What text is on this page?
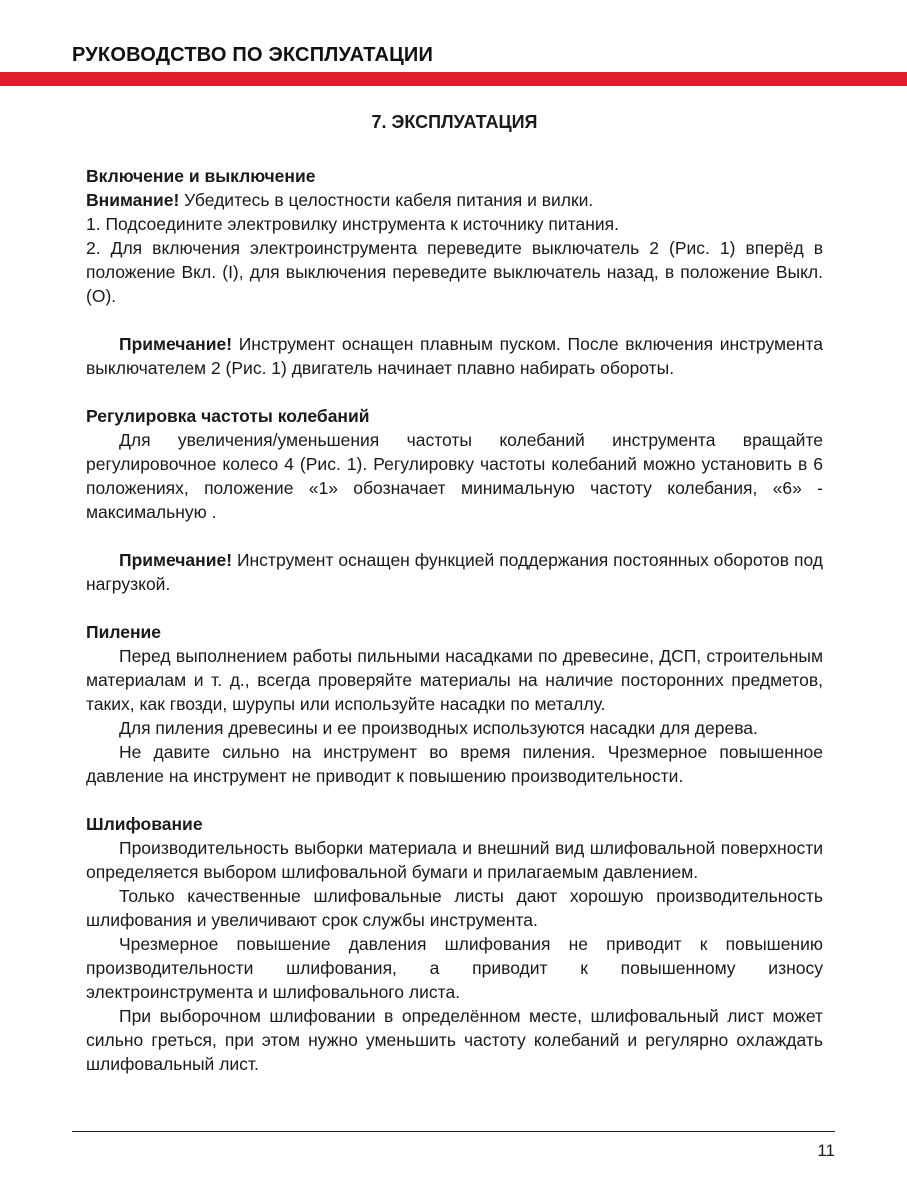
РУКОВОДСТВО ПО ЭКСПЛУАТАЦИИ
7. ЭКСПЛУАТАЦИЯ

Включение и выключение

Внимание! Убедитесь в целостности кабеля питания и вилки.

1. Подсоедините электровилку инструмента к источнику питания.

2. Для включения электроинструмента переведите выключатель 2 (Рис. 1) вперёд в положение Вкл. (I), для выключения переведите выключатель назад, в положение Выкл. (O).

Примечание! Инструмент оснащен плавным пуском. После включения инструмента выключателем 2 (Рис. 1) двигатель начинает плавно набирать обороты.

Регулировка частоты колебаний

Для увеличения/уменьшения частоты колебаний инструмента вращайте регулировочное колесо 4 (Рис. 1). Регулировку частоты колебаний можно установить в 6 положениях, положение «1» обозначает минимальную частоту колебания, «6» - максимальную .

Примечание! Инструмент оснащен функцией поддержания постоянных оборотов под нагрузкой.

Пиление

Перед выполнением работы пильными насадками по древесине, ДСП, строительным материалам и т. д., всегда проверяйте материалы на наличие посторонних предметов, таких, как гвозди, шурупы или используйте насадки по металлу.

Для пиления древесины и ее производных используются насадки для дерева.

Не давите сильно на инструмент во время пиления. Чрезмерное повышенное давление на инструмент не приводит к повышению производительности.

Шлифование

Производительность выборки материала и внешний вид шлифовальной поверхности определяется выбором шлифовальной бумаги и прилагаемым давлением.

Только качественные шлифовальные листы дают хорошую производительность шлифования и увеличивают срок службы инструмента.

Чрезмерное повышение давления шлифования не приводит к повышению производительности шлифования, а приводит к повышенному износу электроинструмента и шлифовального листа.

При выборочном шлифовании в определённом месте, шлифовальный лист может сильно греться, при этом нужно уменьшить частоту колебаний и регулярно охлаждать шлифовальный лист.

11
